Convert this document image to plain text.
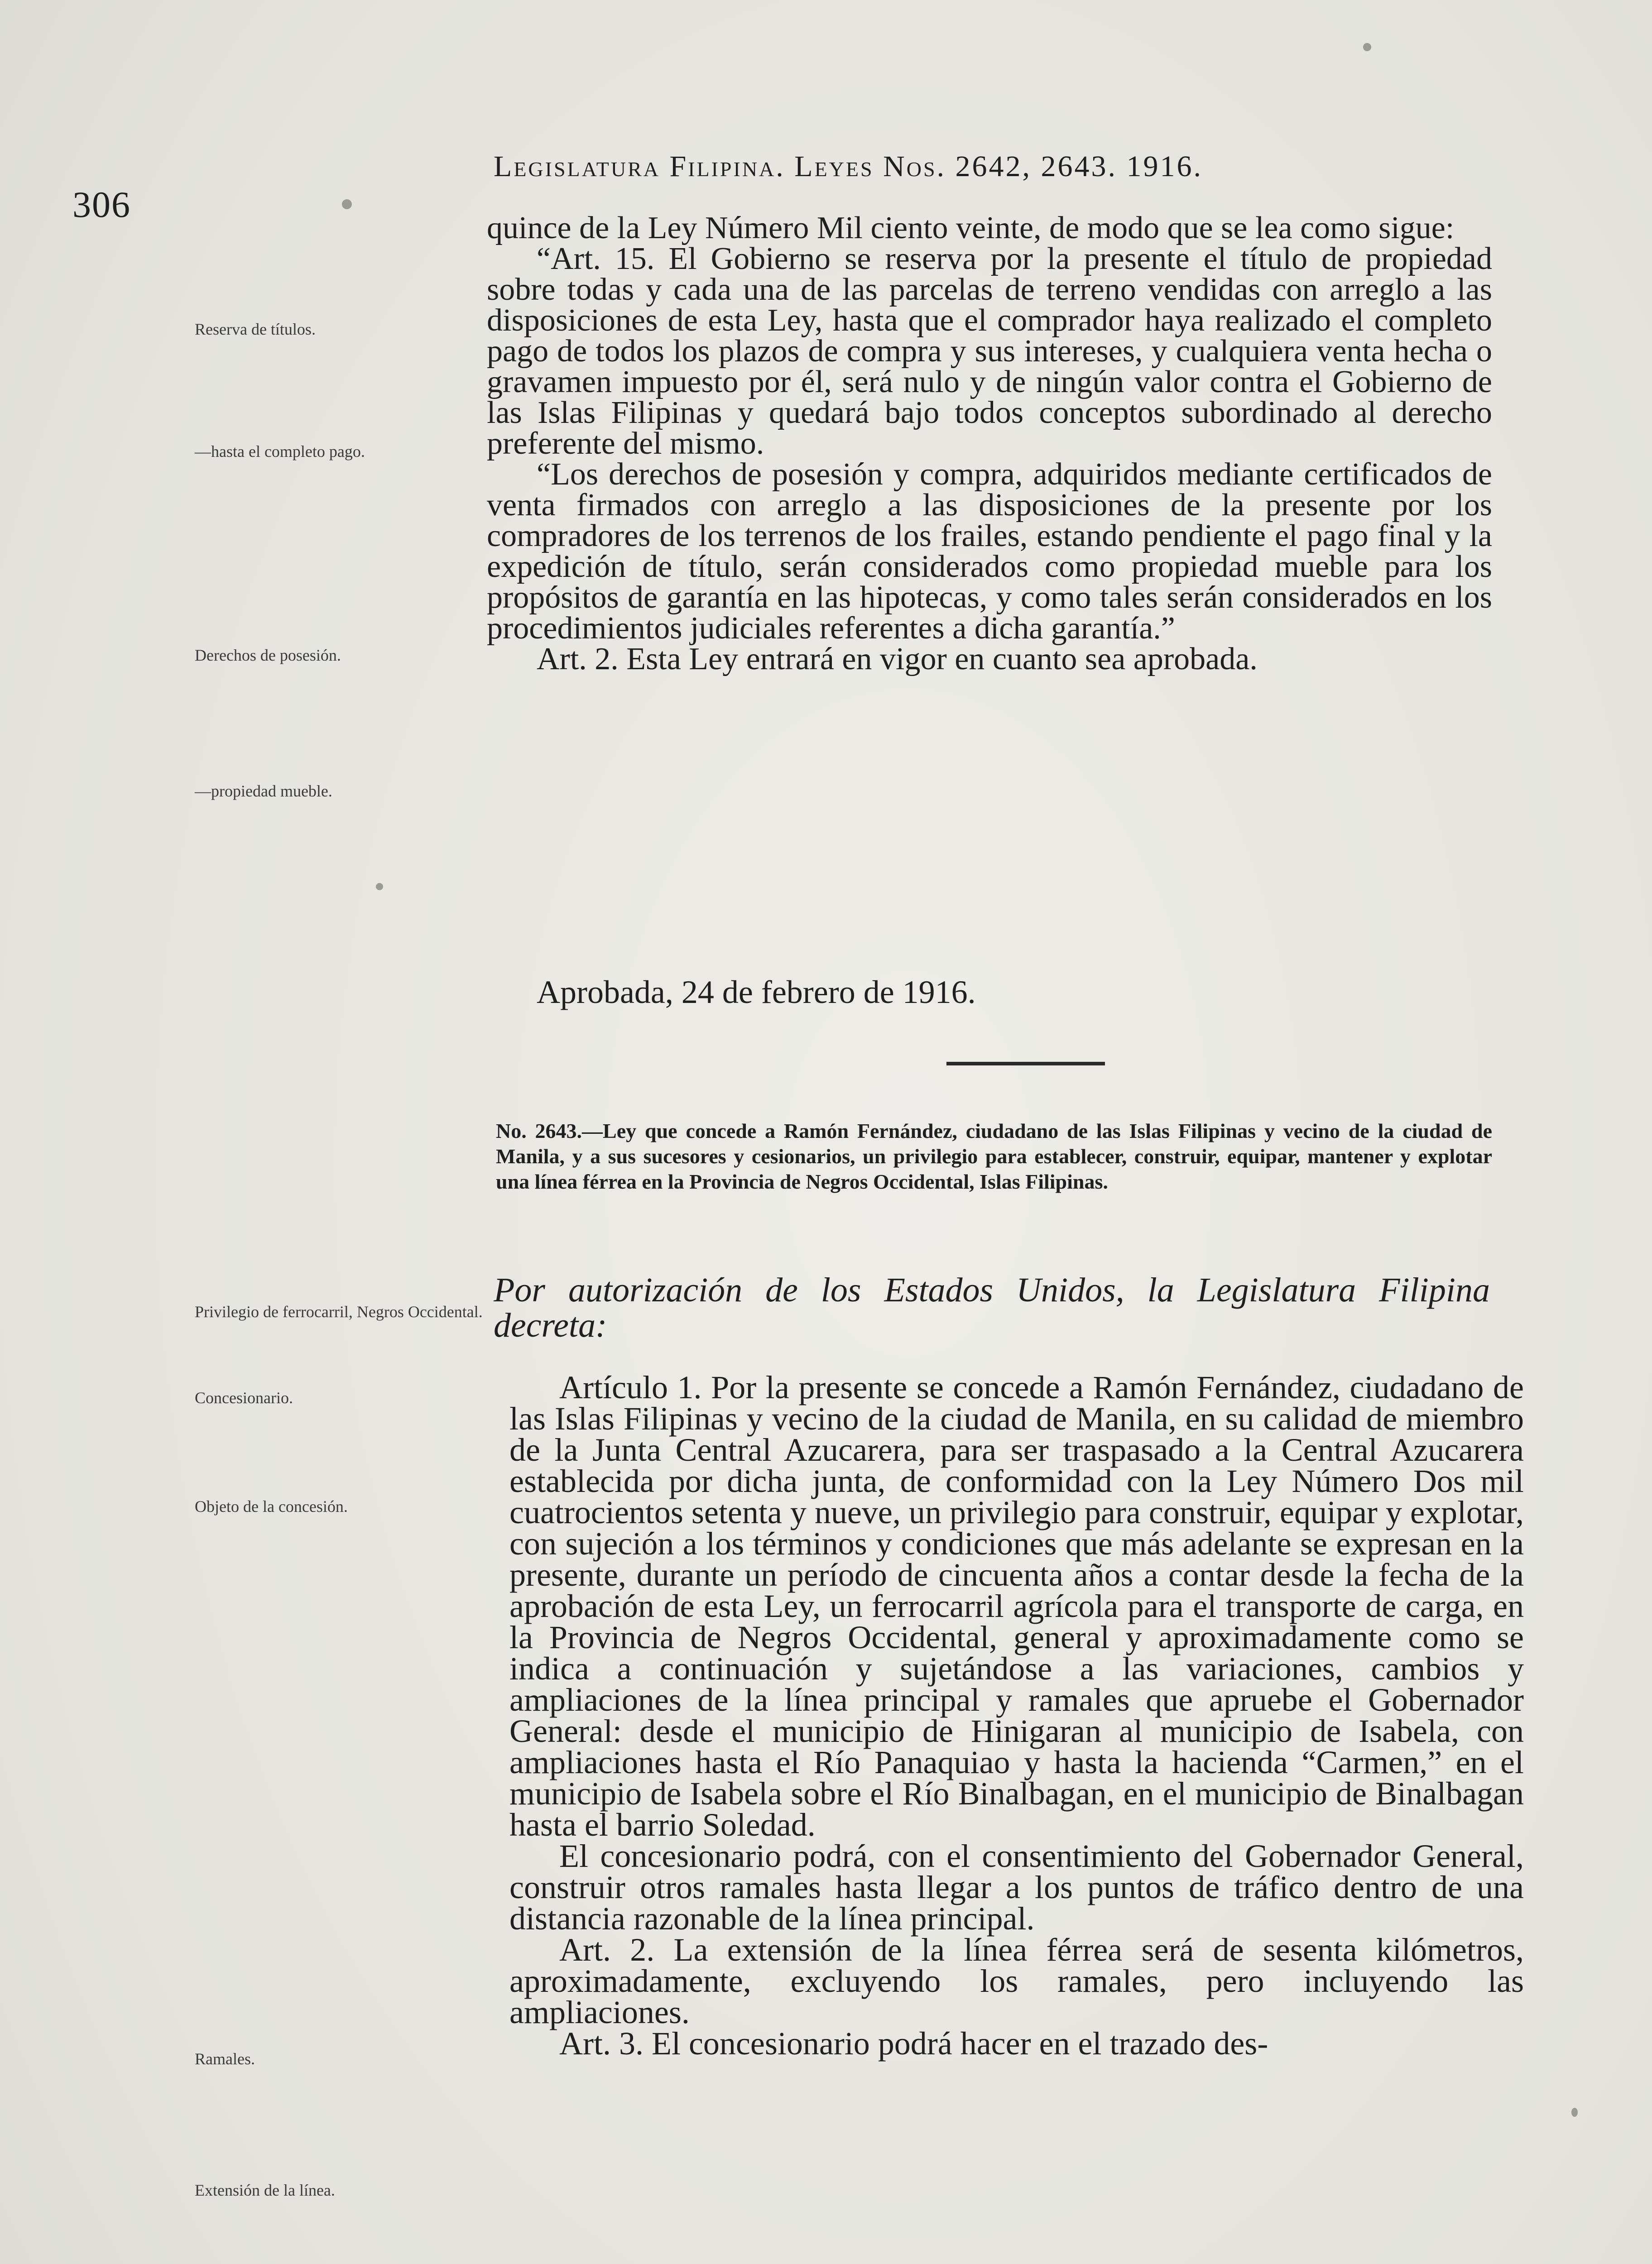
306
Legislatura Filipina. Leyes Nos. 2642, 2643. 1916.
Reserva de títulos.
—hasta el completo pago.
Derechos de posesión.
—propiedad mueble.
Privilegio de ferrocarril, Negros Occidental.
Concesionario.
Objeto de la concesión.
Ramales.
Extensión de la línea.

quince de la Ley Número Mil ciento veinte, de modo que se lea como sigue:

“Art. 15. El Gobierno se reserva por la presente el título de propiedad sobre todas y cada una de las parcelas de terreno vendidas con arreglo a las disposiciones de esta Ley, hasta que el comprador haya realizado el completo pago de todos los plazos de compra y sus intereses, y cualquiera venta hecha o gravamen impuesto por él, será nulo y de ningún valor contra el Gobierno de las Islas Filipinas y quedará bajo todos conceptos subordinado al derecho preferente del mismo.

“Los derechos de posesión y compra, adquiridos mediante certificados de venta firmados con arreglo a las disposiciones de la presente por los compradores de los terrenos de los frailes, estando pendiente el pago final y la expedición de título, serán considerados como propiedad mueble para los propósitos de garantía en las hipotecas, y como tales serán considerados en los procedimientos judiciales referentes a dicha garantía.”

Art. 2. Esta Ley entrará en vigor en cuanto sea aprobada.

Aprobada, 24 de febrero de 1916.
No. 2643.—Ley que concede a Ramón Fernández, ciudadano de las Islas Filipinas y vecino de la ciudad de Manila, y a sus sucesores y cesionarios, un privilegio para establecer, construir, equipar, mantener y explotar una línea férrea en la Provincia de Negros Occidental, Islas Filipinas.
Por autorización de los Estados Unidos, la Legislatura Filipina decreta:

Artículo 1. Por la presente se concede a Ramón Fernández, ciudadano de las Islas Filipinas y vecino de la ciudad de Manila, en su calidad de miembro de la Junta Central Azucarera, para ser traspasado a la Central Azucarera establecida por dicha junta, de conformidad con la Ley Número Dos mil cuatrocientos setenta y nueve, un privilegio para construir, equipar y explotar, con sujeción a los términos y condiciones que más adelante se expresan en la presente, durante un período de cincuenta años a contar desde la fecha de la aprobación de esta Ley, un ferrocarril agrícola para el transporte de carga, en la Provincia de Negros Occidental, general y aproximadamente como se indica a continuación y sujetándose a las variaciones, cambios y ampliaciones de la línea principal y ramales que apruebe el Gobernador General: desde el municipio de Hinigaran al municipio de Isabela, con ampliaciones hasta el Río Panaquiao y hasta la hacienda “Carmen,” en el municipio de Isabela sobre el Río Binalbagan, en el municipio de Binalbagan hasta el barrio Soledad.

El concesionario podrá, con el consentimiento del Gobernador General, construir otros ramales hasta llegar a los puntos de tráfico dentro de una distancia razonable de la línea principal.

Art. 2. La extensión de la línea férrea será de sesenta kilómetros, aproximadamente, excluyendo los ramales, pero incluyendo las ampliaciones.

Art. 3. El concesionario podrá hacer en el trazado des-
